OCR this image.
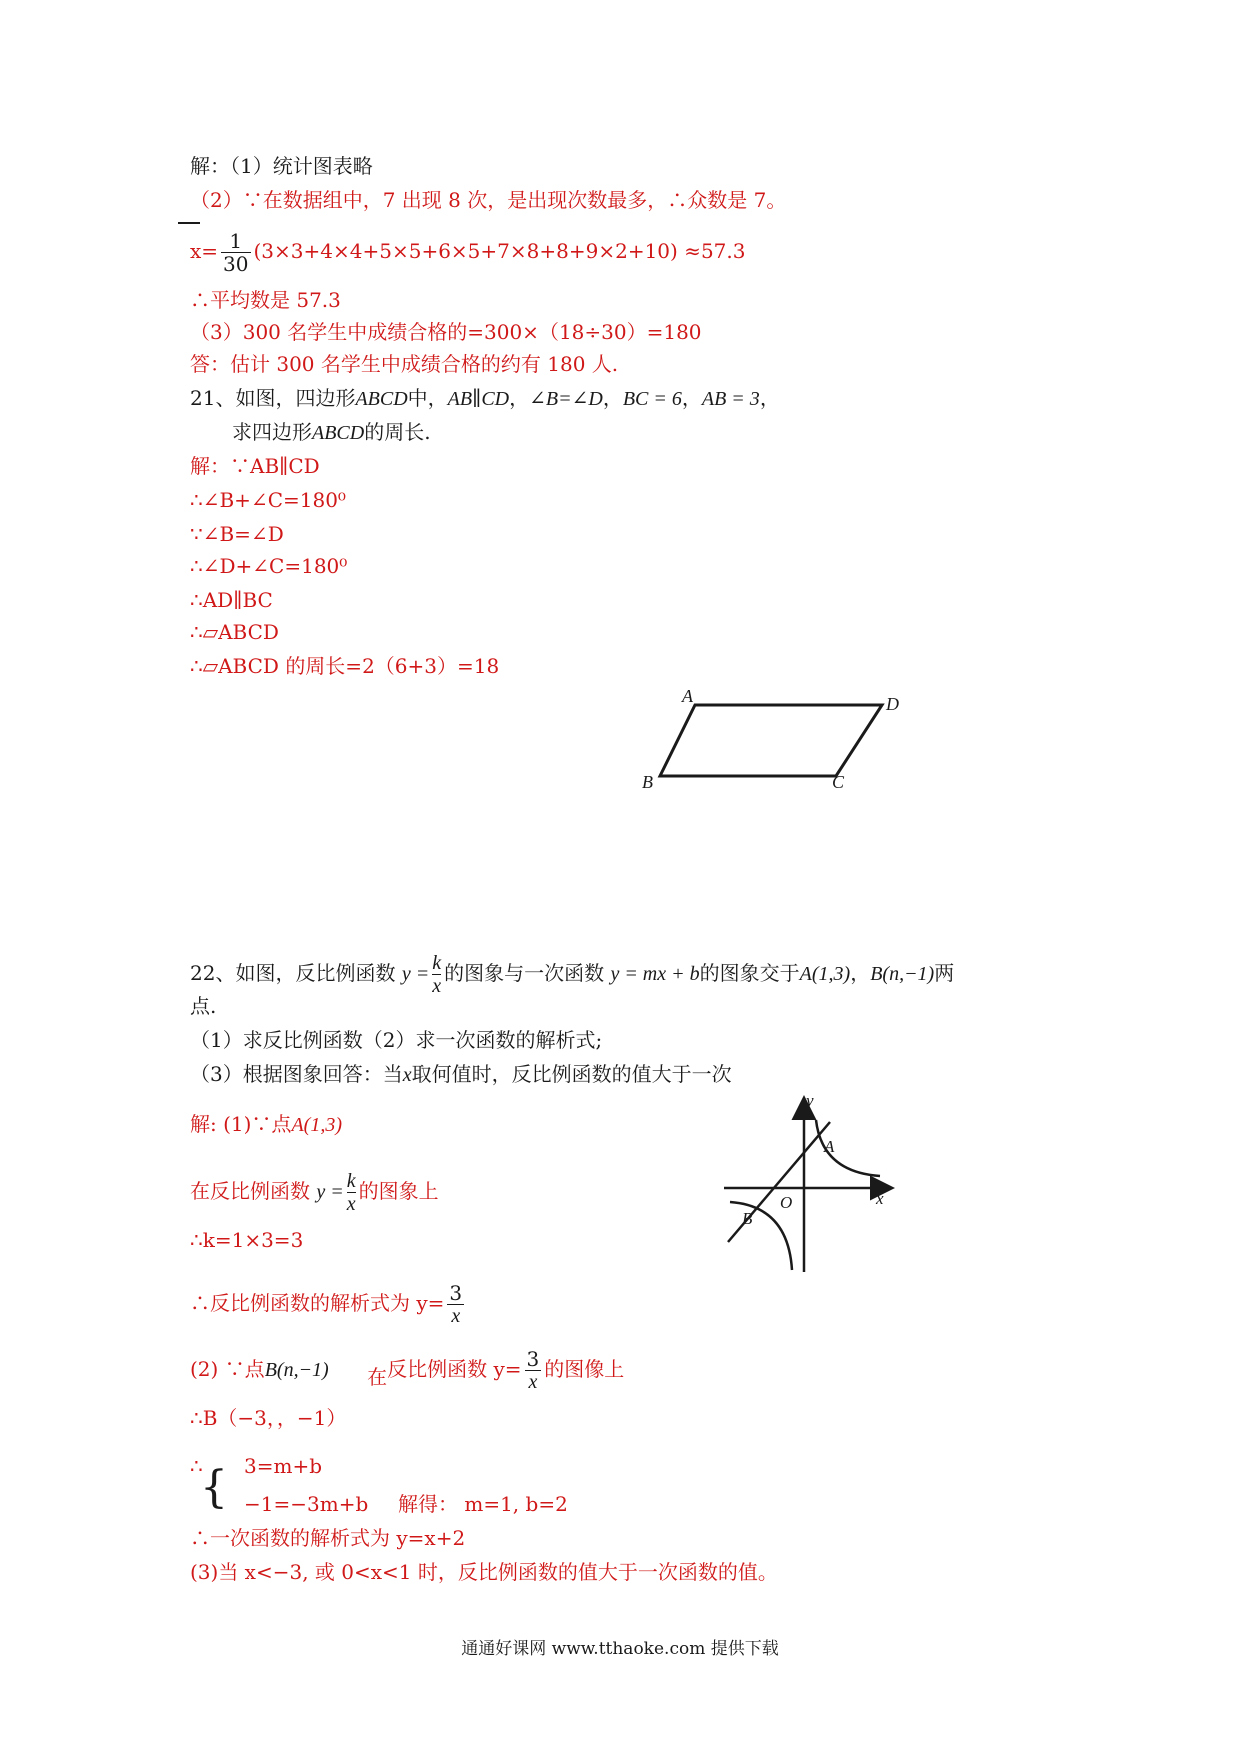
解：（1）统计图表略
（2）∵在数据组中，7 出现 8 次，是出现次数最多，∴众数是 7。
$x= \frac{1}{30} (3\times 3+4\times 4+5\times 5+6\times 5+7\times 8+8+9\times 2+10) \approx 57.3$
∴平均数是 57.3
（3）300 名学生中成绩合格的=300×（18÷30）=180
答：估计 300 名学生中成绩合格的约有 180 人.
21、如图，四边形ABCD中，AB∥CD，∠B=∠D，BC = 6，AB = 3，
求四边形ABCD的周长.
解：∵AB∥CD
∴∠B+∠C=180⁰
∵∠B=∠D
∴∠D+∠C=180⁰
∴AD∥BC
∴▱ABCD
∴▱ABCD 的周长=2（6+3）=18
A	D
B	C
22、如图，反比例函数 $y = \frac{k}{x}$ 的图象与一次函数 y = mx + b的图象交于A(1,3)，B(n,−1)两
点.
（1）求反比例函数（2）求一次函数的解析式;
（3）根据图象回答：当x取何值时，反比例函数的值大于一次
解: (1)∵点A(1,3)
在反比例函数 $y = \frac{k}{x}$ 的图象上
∴k=1×3=3
∴反比例函数的解析式为 $y= \frac{3}{x}$
(2) ∵点B(n,−1) 在反比例函数 $y= \frac{3}{x}$ 的图像上
∴B（−3，，−1）
∴
{ 3=m+b
−1=−3m+b 解得： m=1, b=2
∴一次函数的解析式为 y=x+2
(3)当 x<−3, 或 0<x<1 时，反比例函数的值大于一次函数的值。
y
x
O
A
B
通通好课网 www.tthaoke.com 提供下载
